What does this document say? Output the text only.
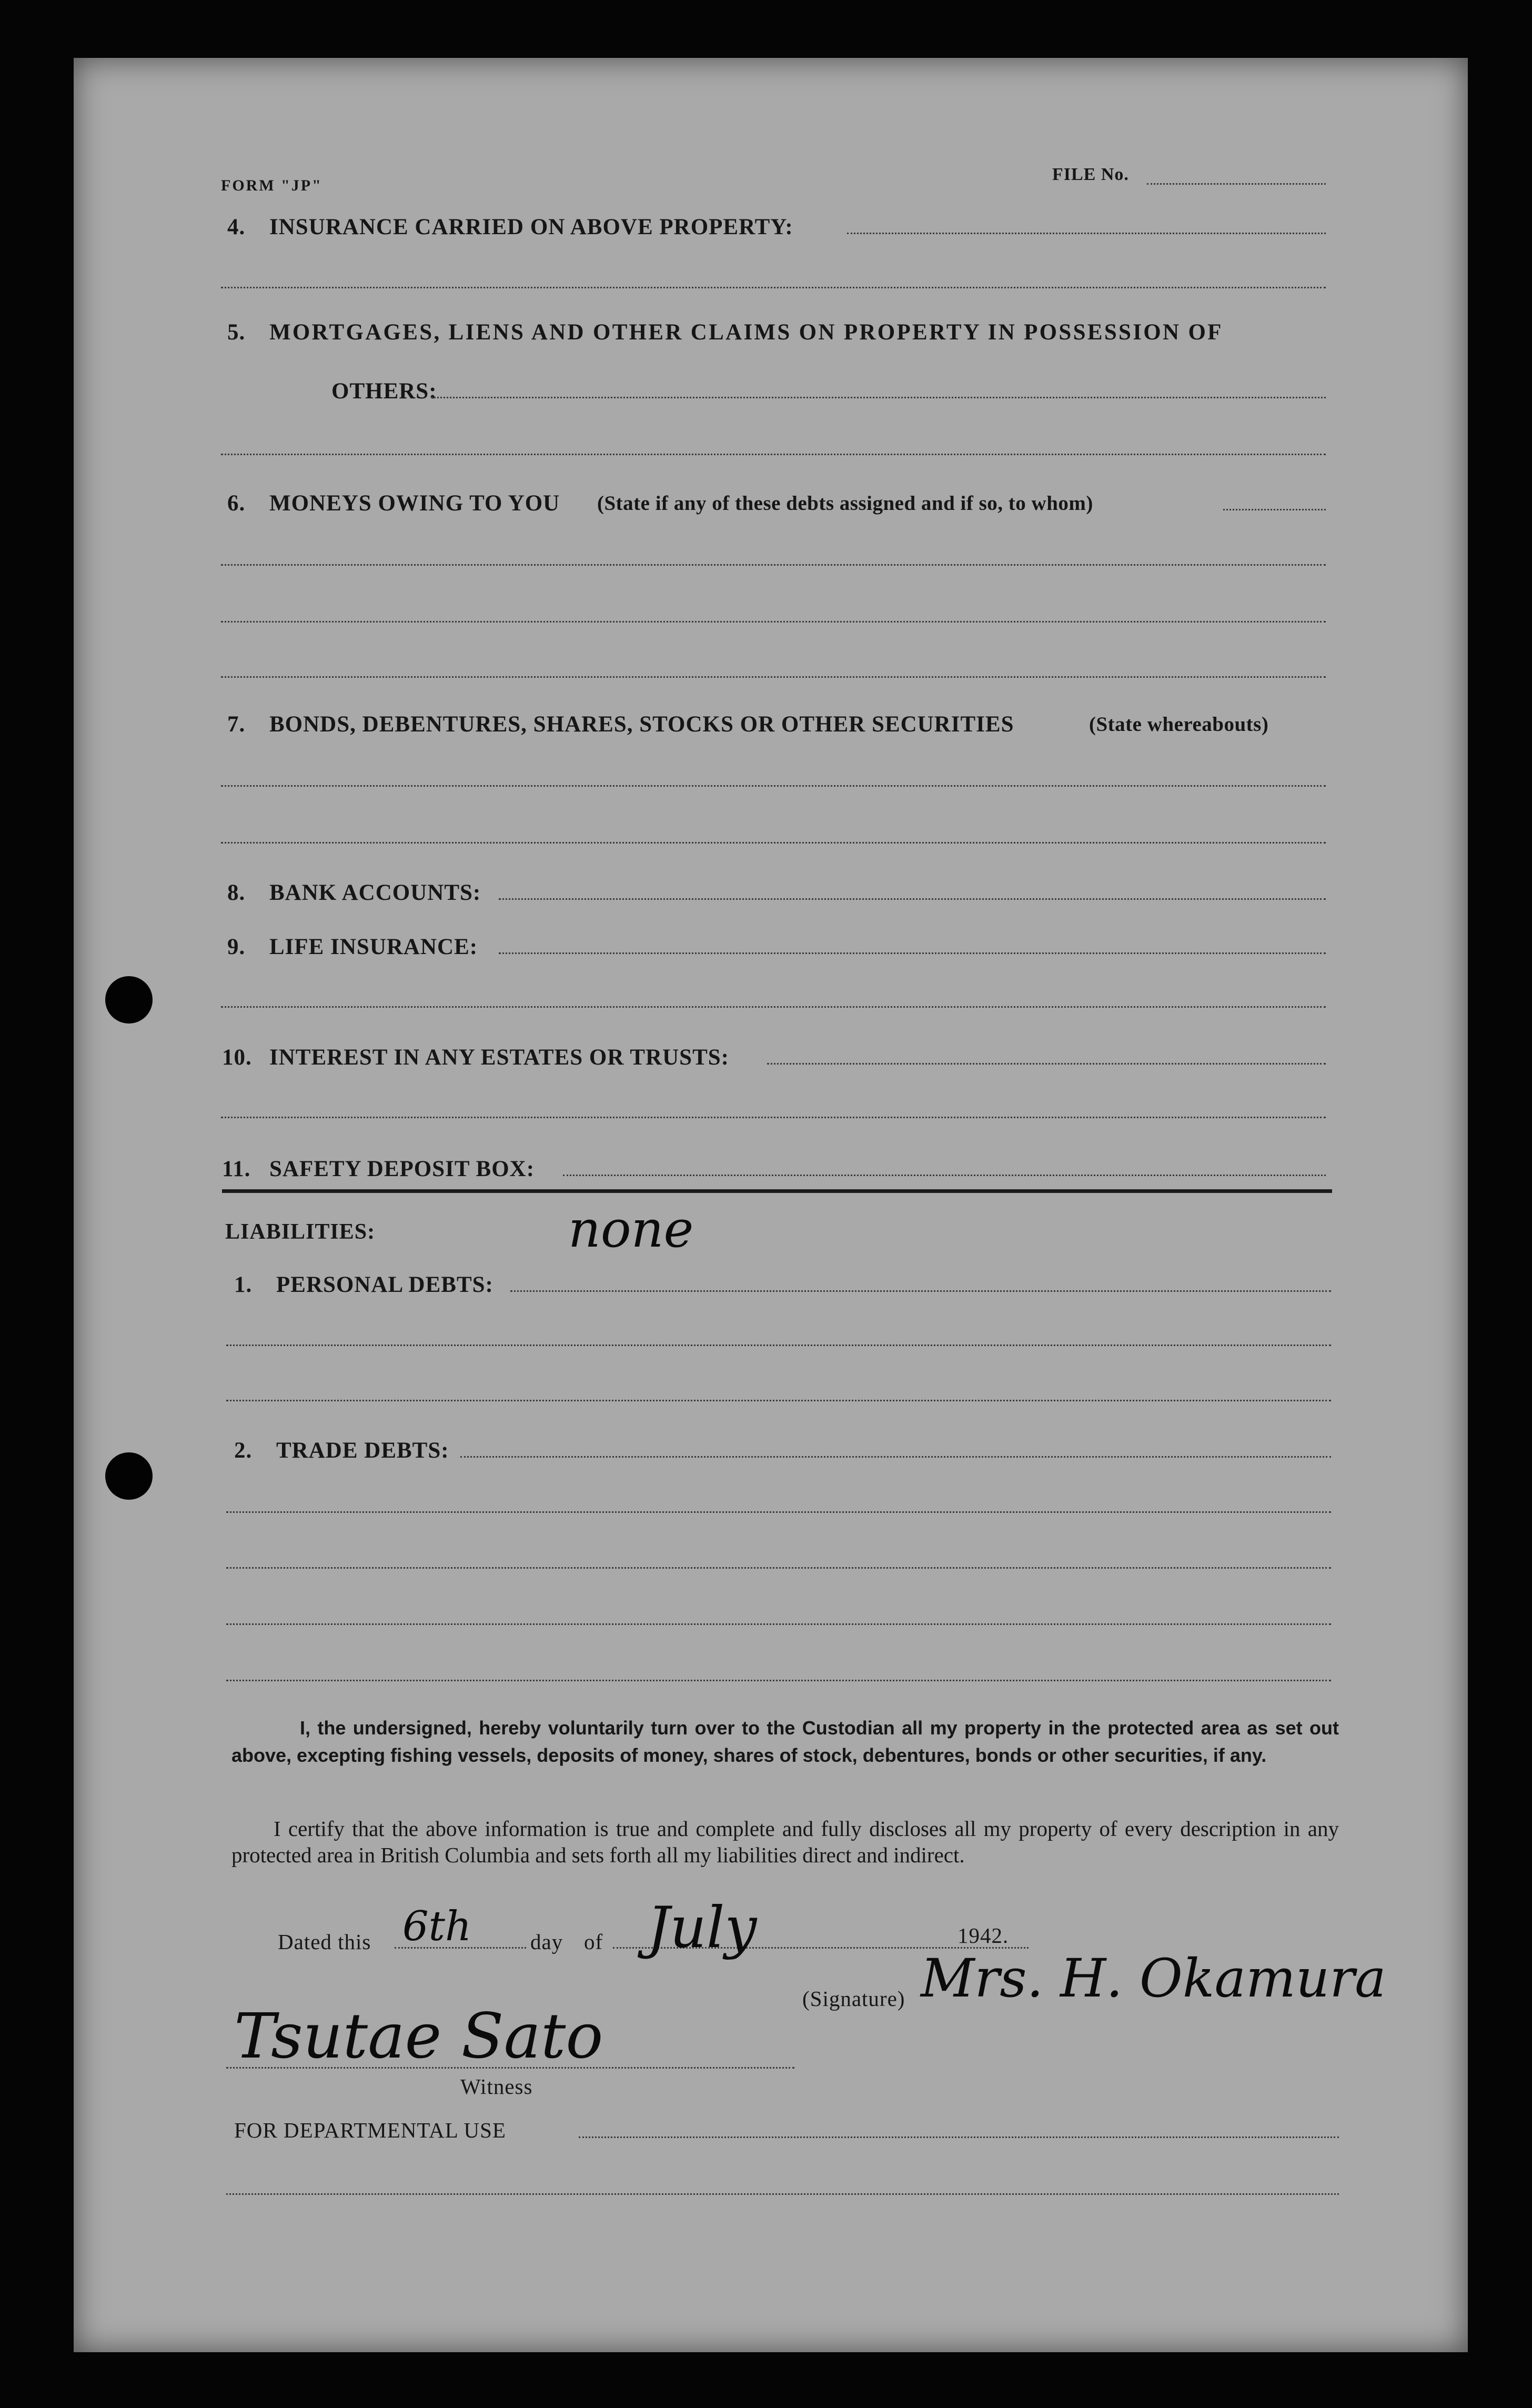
FORM "JP"
FILE No.
4. INSURANCE CARRIED ON ABOVE PROPERTY:
5. MORTGAGES, LIENS AND OTHER CLAIMS ON PROPERTY IN POSSESSION OF
OTHERS:
6. MONEYS OWING TO YOU (State if any of these debts assigned and if so, to whom)
7. BONDS, DEBENTURES, SHARES, STOCKS OR OTHER SECURITIES	(State whereabouts)
8. BANK ACCOUNTS:
9. LIFE INSURANCE:
10. INTEREST IN ANY ESTATES OR TRUSTS:
11. SAFETY DEPOSIT BOX:
LIABILITIES:	none
1. PERSONAL DEBTS:
2. TRADE DEBTS:
I, the undersigned, hereby voluntarily turn over to the Custodian all my property in the protected area as set out above, excepting fishing vessels, deposits of money, shares of stock, debentures, bonds or other securities, if any.
I certify that the above information is true and complete and fully discloses all my property of every description in any protected area in British Columbia and sets forth all my liabilities direct and indirect.
Dated this 6th	day of July	1942.
(Signature) Mrs. H. Okamura
Tsutae Sato
Witness
FOR DEPARTMENTAL USE
